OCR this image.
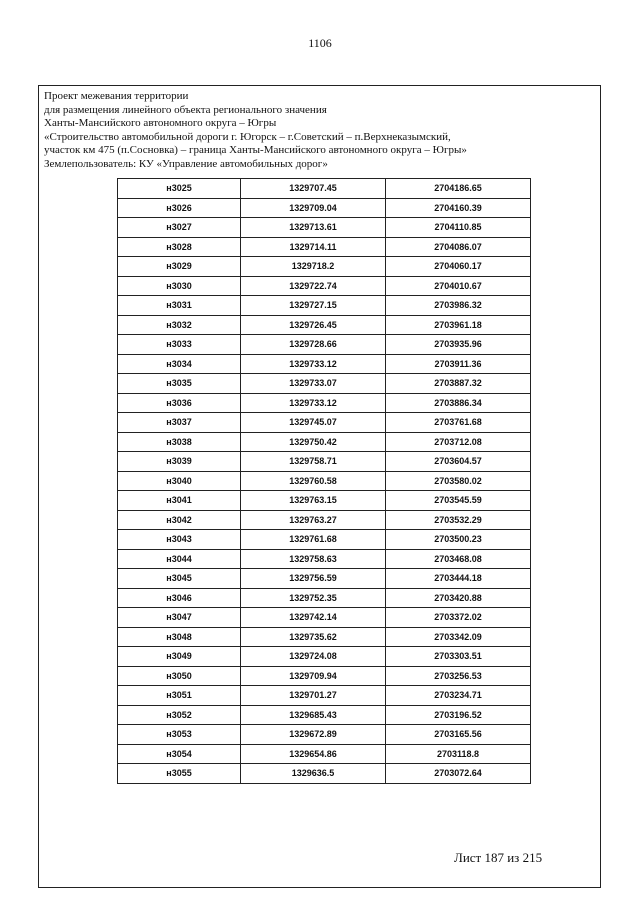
1106
Проект межевания территории
для размещения линейного объекта регионального значения
Ханты-Мансийского автономного округа – Югры
«Строительство автомобильной дороги г. Югорск – г.Советский – п.Верхнеказымский,
участок км 475 (п.Сосновка) – граница Ханты-Мансийского автономного округа – Югры»
Землепользователь: КУ «Управление автомобильных дорог»
н3025	1329707.45	2704186.65
н3026	1329709.04	2704160.39
н3027	1329713.61	2704110.85
н3028	1329714.11	2704086.07
н3029	1329718.2	2704060.17
н3030	1329722.74	2704010.67
н3031	1329727.15	2703986.32
н3032	1329726.45	2703961.18
н3033	1329728.66	2703935.96
н3034	1329733.12	2703911.36
н3035	1329733.07	2703887.32
н3036	1329733.12	2703886.34
н3037	1329745.07	2703761.68
н3038	1329750.42	2703712.08
н3039	1329758.71	2703604.57
н3040	1329760.58	2703580.02
н3041	1329763.15	2703545.59
н3042	1329763.27	2703532.29
н3043	1329761.68	2703500.23
н3044	1329758.63	2703468.08
н3045	1329756.59	2703444.18
н3046	1329752.35	2703420.88
н3047	1329742.14	2703372.02
н3048	1329735.62	2703342.09
н3049	1329724.08	2703303.51
н3050	1329709.94	2703256.53
н3051	1329701.27	2703234.71
н3052	1329685.43	2703196.52
н3053	1329672.89	2703165.56
н3054	1329654.86	2703118.8
н3055	1329636.5	2703072.64
Лист 187 из 215
